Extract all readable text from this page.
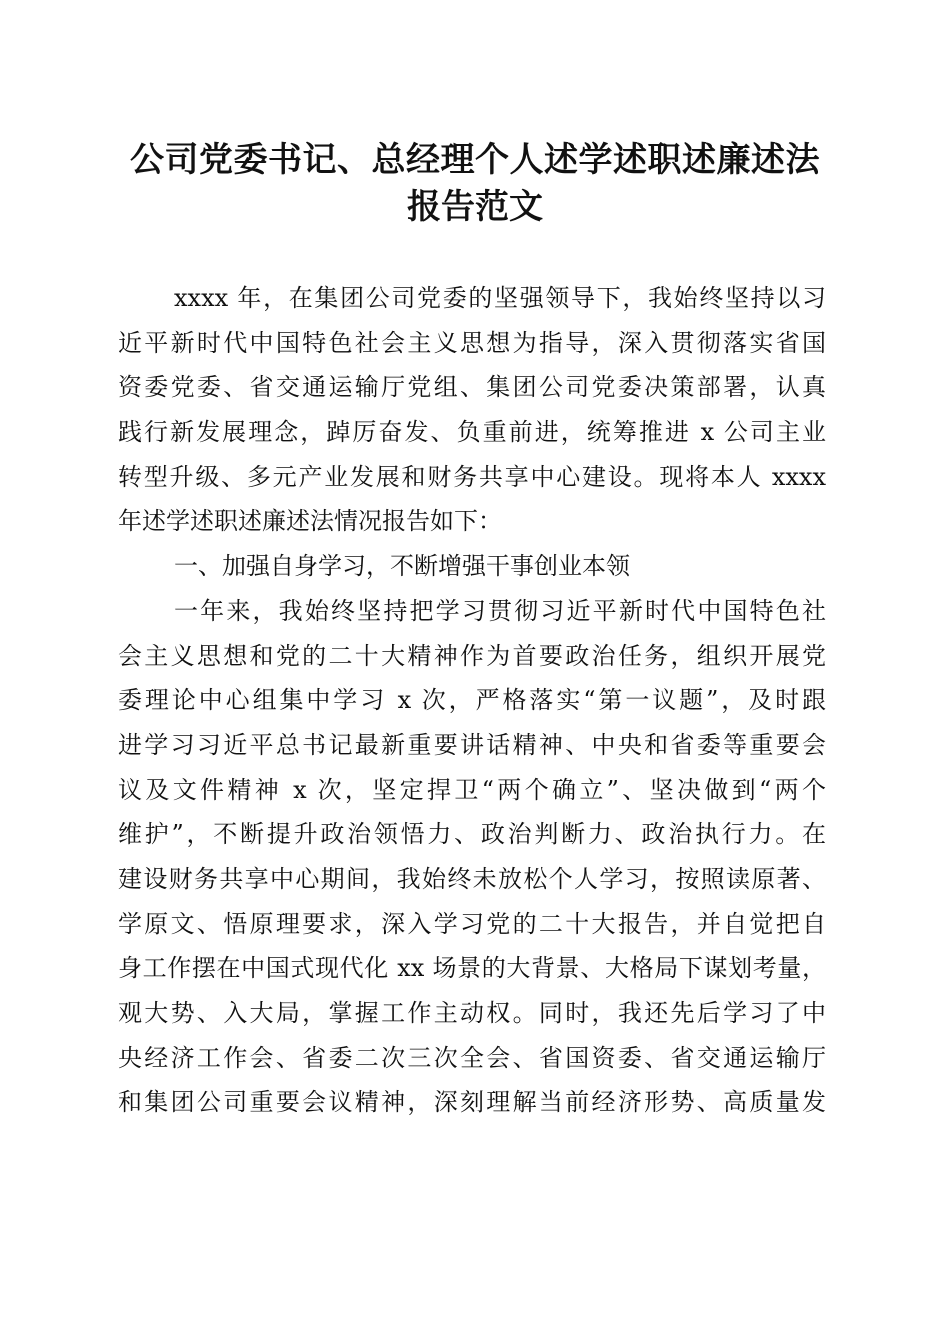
公司党委书记、总经理个人述学述职述廉述法
报告范文
xxxx 年，在集团公司党委的坚强领导下，我始终坚持以习
近平新时代中国特色社会主义思想为指导，深入贯彻落实省国
资委党委、省交通运输厅党组、集团公司党委决策部署，认真
践行新发展理念，踔厉奋发、负重前进，统筹推进 x 公司主业
转型升级、多元产业发展和财务共享中心建设。现将本人 xxxx
年述学述职述廉述法情况报告如下：
一、加强自身学习，不断增强干事创业本领
一年来，我始终坚持把学习贯彻习近平新时代中国特色社
会主义思想和党的二十大精神作为首要政治任务，组织开展党
委理论中心组集中学习 x 次，严格落实“第一议题”，及时跟
进学习习近平总书记最新重要讲话精神、中央和省委等重要会
议及文件精神 x 次，坚定捍卫“两个确立”、坚决做到“两个
维护”，不断提升政治领悟力、政治判断力、政治执行力。在
建设财务共享中心期间，我始终未放松个人学习，按照读原著、
学原文、悟原理要求，深入学习党的二十大报告，并自觉把自
身工作摆在中国式现代化 xx 场景的大背景、大格局下谋划考量，
观大势、入大局，掌握工作主动权。同时，我还先后学习了中
央经济工作会、省委二次三次全会、省国资委、省交通运输厅
和集团公司重要会议精神，深刻理解当前经济形势、高质量发
